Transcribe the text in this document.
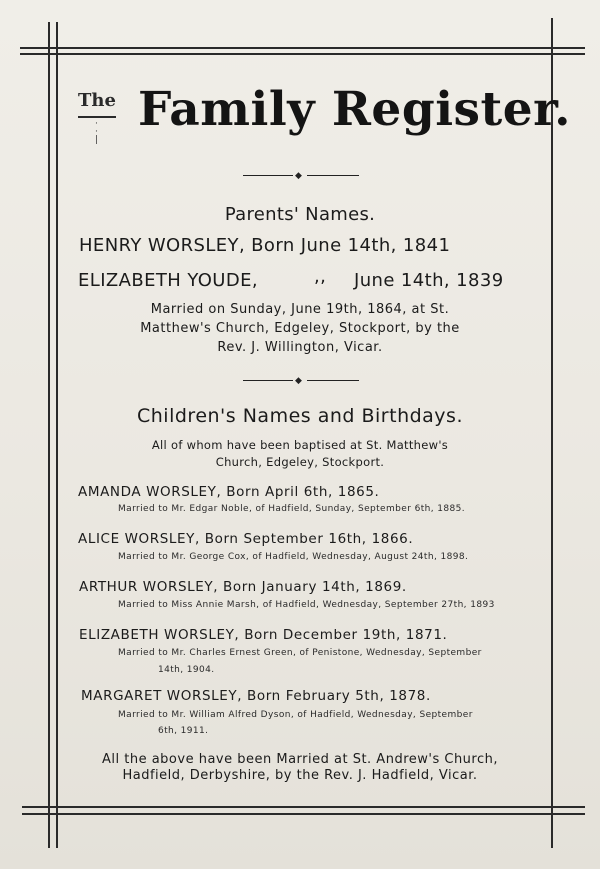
The
·
·
|
Family Register.
◆
Parents' Names.
HENRY WORSLEY, Born June 14th, 1841
ELIZABETH YOUDE,	,, June 14th, 1839
Married on Sunday, June 19th, 1864, at St.
Matthew's Church, Edgeley, Stockport, by the
Rev. J. Willington, Vicar.
◆
Children's Names and Birthdays.
All of whom have been baptised at St. Matthew's
Church, Edgeley, Stockport.
AMANDA WORSLEY, Born April 6th, 1865.
Married to Mr. Edgar Noble, of Hadfield, Sunday, September 6th, 1885.
ALICE WORSLEY, Born September 16th, 1866.
Married to Mr. George Cox, of Hadfield, Wednesday, August 24th, 1898.
ARTHUR WORSLEY, Born January 14th, 1869.
Married to Miss Annie Marsh, of Hadfield, Wednesday, September 27th, 1893
ELIZABETH WORSLEY, Born December 19th, 1871.
Married to Mr. Charles Ernest Green, of Penistone, Wednesday, September
14th, 1904.
MARGARET WORSLEY, Born February 5th, 1878.
Married to Mr. William Alfred Dyson, of Hadfield, Wednesday, September
6th, 1911.
All the above have been Married at St. Andrew's Church,
Hadfield, Derbyshire, by the Rev. J. Hadfield, Vicar.
